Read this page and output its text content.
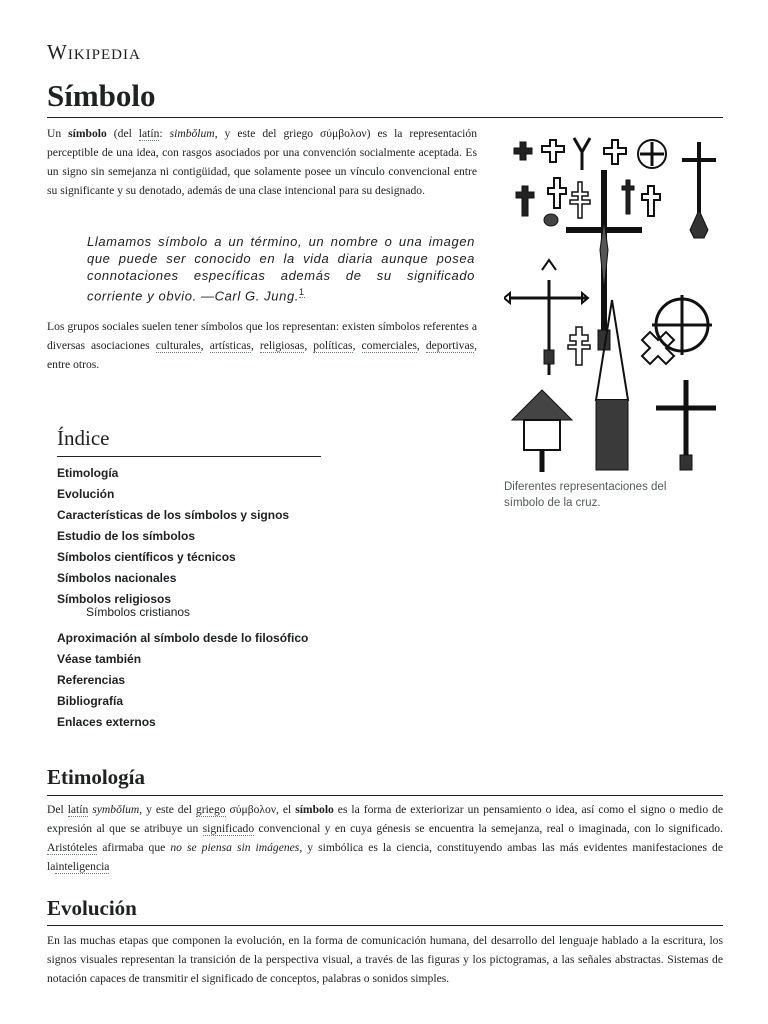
Wikipedia
Símbolo

Un símbolo (del latín: simbŏlum, y este del griego σύμβολον) es la representación perceptible de una idea, con rasgos asociados por una convención socialmente aceptada. Es un signo sin semejanza ni contigüidad, que solamente posee un vínculo convencional entre su significante y su denotado, además de una clase intencional para su designado.

Llamamos símbolo a un término, un nombre o una imagen que puede ser conocido en la vida diaria aunque posea connotaciones específicas además de su significado corriente y obvio. —Carl G. Jung.$^1$

Los grupos sociales suelen tener símbolos que los representan: existen símbolos referentes a diversas asociaciones culturales, artísticas, religiosas, políticas, comerciales, deportivas, entre otros.

Diferentes representaciones del símbolo de la cruz.
Índice
Etimología
Evolución
Características de los símbolos y signos
Estudio de los símbolos
Símbolos científicos y técnicos
Símbolos nacionales
Símbolos religiosos
Símbolos cristianos
Aproximación al símbolo desde lo filosófico
Véase también
Referencias
Bibliografía
Enlaces externos
Etimología

Del latín symbŏlum, y este del griego σύμβολον, el símbolo es la forma de exteriorizar un pensamiento o idea, así como el signo o medio de expresión al que se atribuye un significado convencional y en cuya génesis se encuentra la semejanza, real o imaginada, con lo significado. Aristóteles afirmaba que no se piensa sin imágenes, y simbólica es la ciencia, constituyendo ambas las más evidentes manifestaciones de lainteligencia

Evolución

En las muchas etapas que componen la evolución, en la forma de comunicación humana, del desarrollo del lenguaje hablado a la escritura, los signos visuales representan la transición de la perspectiva visual, a través de las figuras y los pictogramas, a las señales abstractas. Sistemas de notación capaces de transmitir el significado de conceptos, palabras o sonidos simples.
